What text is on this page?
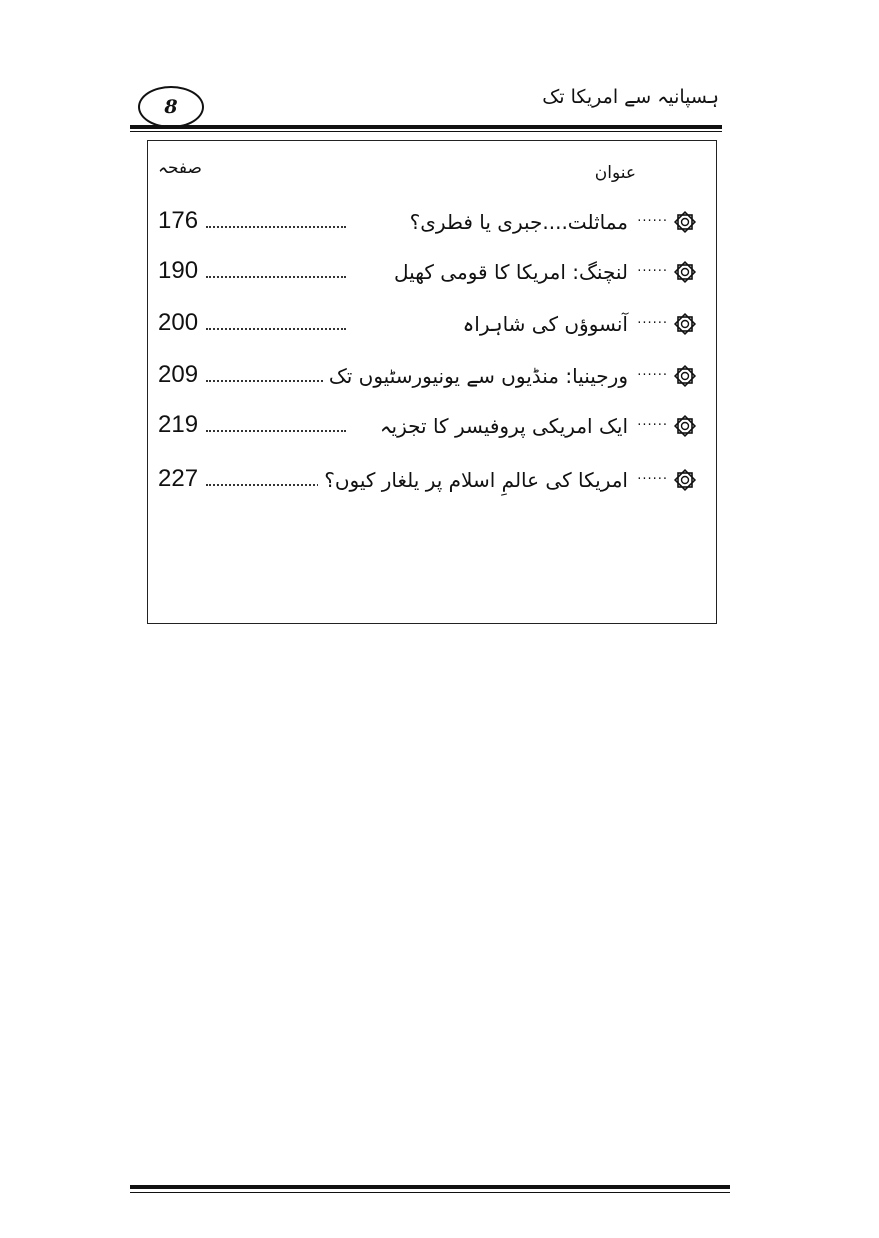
ہسپانیہ سے امریکا تک
8
صفحہ	عنوان
176	مماثلت....جبری یا فطری؟ ......
190	لنچنگ: امریکا کا قومی کھیل ......
200	آنسوؤں کی شاہراہ ......
209	ورجینیا: منڈیوں سے یونیورسٹیوں تک ......
219	ایک امریکی پروفیسر کا تجزیہ ......
227	امریکا کی عالمِ اسلام پر یلغار کیوں؟ ......
